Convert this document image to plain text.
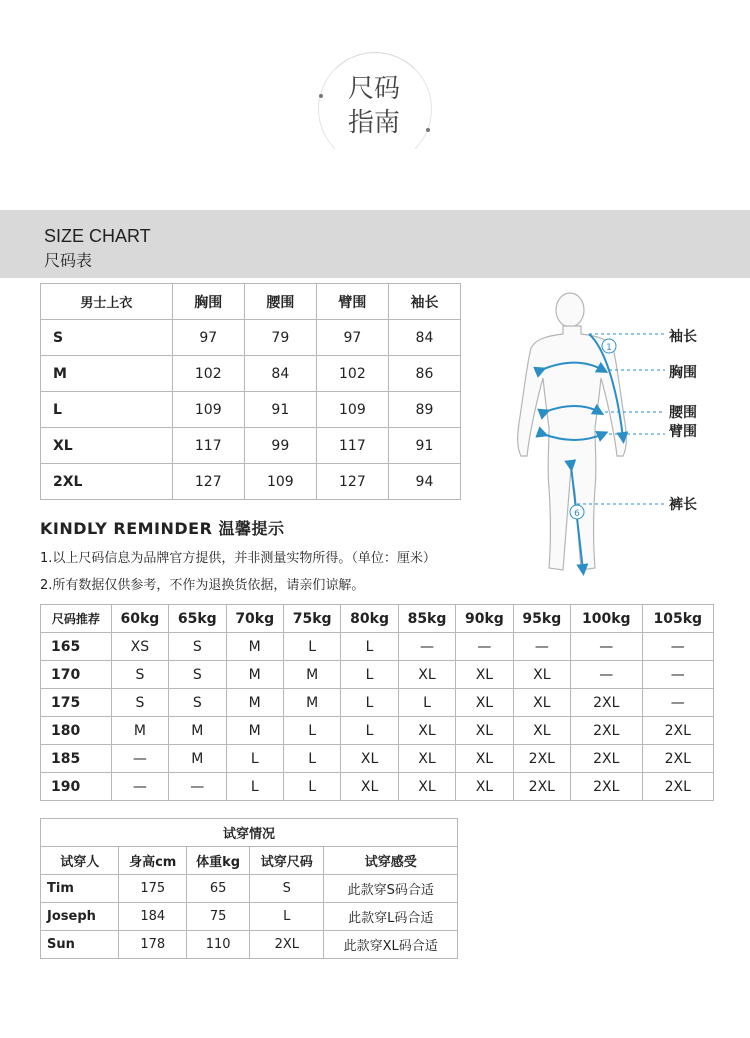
尺码
指南
SIZE CHART
尺码表
男士上衣	胸围	腰围	臂围	袖长
S	97	79	97	84
M	102	84	102	86
L	109	91	109	89
XL	117	99	117	91
2XL	127	109	127	94
1
6
袖长
胸围
腰围
臂围
裤长
KINDLY REMINDER 温馨提示
1.以上尺码信息为品牌官方提供，并非测量实物所得。（单位：厘米）
2.所有数据仅供参考，不作为退换货依据，请亲们谅解。
尺码推荐	60kg	65kg	70kg	75kg	80kg	85kg	90kg	95kg	100kg	105kg
165	XS	S	M	L	L	—	—	—	—	—
170	S	S	M	M	L	XL	XL	XL	—	—
175	S	S	M	M	L	L	XL	XL	2XL	—
180	M	M	M	L	L	XL	XL	XL	2XL	2XL
185	—	M	L	L	XL	XL	XL	2XL	2XL	2XL
190	—	—	L	L	XL	XL	XL	2XL	2XL	2XL
试穿情况				
试穿人	身高cm	体重kg	试穿尺码	试穿感受
Tim	175	65	S	此款穿S码合适
Joseph	184	75	L	此款穿L码合适
Sun	178	110	2XL	此款穿XL码合适
